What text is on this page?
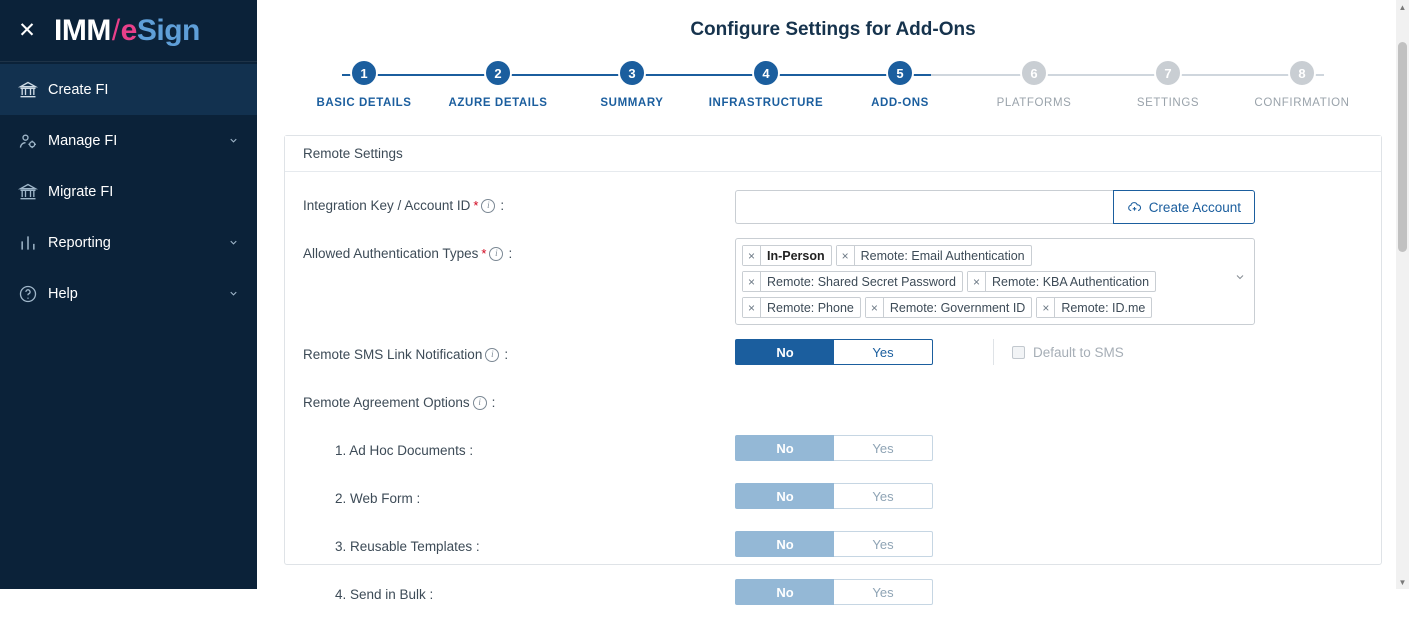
✕ IMM / e Sign
Create FI
Manage FI
Migrate FI
Reporting
Help
Configure Settings for Add-Ons
1
BASIC DETAILS
2
AZURE DETAILS
3
SUMMARY
4
INFRASTRUCTURE
5
ADD-ONS
6
PLATFORMS
7
SETTINGS
8
CONFIRMATION
Remote Settings
Integration Key / Account ID * i :	Create Account
Allowed Authentication Types * i :	× In-Person	× Remote: Email Authentication
× Remote: Shared Secret Password	× Remote: KBA Authentication
× Remote: Phone	× Remote: Government ID	× Remote: ID.me
Remote SMS Link Notification i :	No	Yes	Default to SMS
Remote Agreement Options i :
1. Ad Hoc Documents :	No	Yes
2. Web Form :	No	Yes
3. Reusable Templates :	No	Yes
4. Send in Bulk :	No	Yes
▲
▼
